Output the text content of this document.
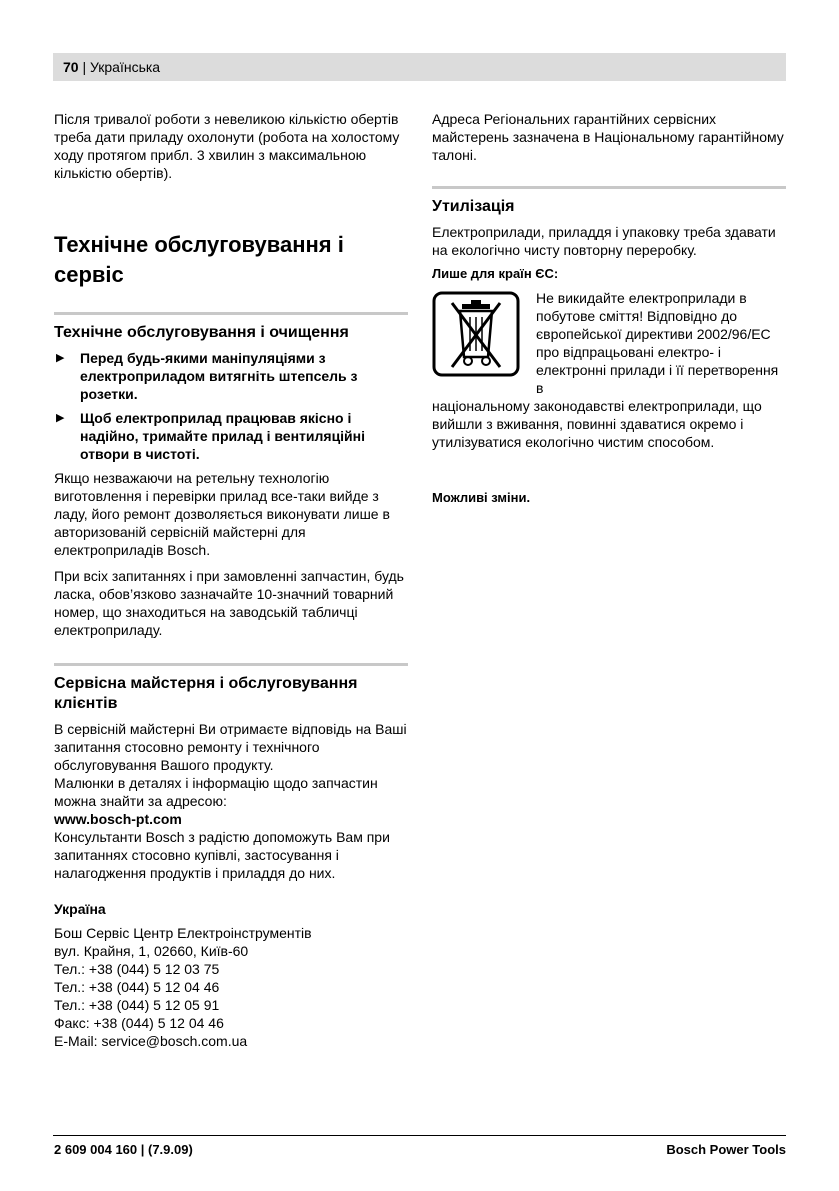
70 | Українська

Після тривалої роботи з невеликою кількістю обертів треба дати приладу охолонути (робота на холостому ходу протягом прибл. 3 хвилин з максимальною кількістю обертів).

Технічне обслуговування і сервіс
Технічне обслуговування і очищення
▶ Перед будь-якими маніпуляціями з електроприладом витягніть штепсель з розетки.
▶ Щоб електроприлад працював якісно і надійно, тримайте прилад і вентиляційні отвори в чистоті.

Якщо незважаючи на ретельну технологію виготовлення і перевірки прилад все-таки вийде з ладу, його ремонт дозволяється виконувати лише в авторизованій сервісній майстерні для електроприладів Bosch.

При всіх запитаннях і при замовленні запчастин, будь ласка, обов’язково зазначайте 10-значний товарний номер, що знаходиться на заводській табличці електроприладу.

Сервісна майстерня і обслуговування клієнтів

В сервісній майстерні Ви отримаєте відповідь на Ваші запитання стосовно ремонту і технічного обслуговування Вашого продукту.

Малюнки в деталях і інформацію щодо запчастин можна знайти за адресою:

www.bosch-pt.com

Консультанти Bosch з радістю допоможуть Вам при запитаннях стосовно купівлі, застосування і налагодження продуктів і приладдя до них.

Україна

Бош Сервіс Центр Електроінструментів

вул. Крайня, 1, 02660, Київ-60

Тел.: +38 (044) 5 12 03 75

Тел.: +38 (044) 5 12 04 46

Тел.: +38 (044) 5 12 05 91

Факс: +38 (044) 5 12 04 46

E-Mail: service@bosch.com.ua

Адреса Регіональних гарантійних сервісних майстерень зазначена в Національному гарантійному талоні.

Утилізація

Електроприлади, приладдя і упаковку треба здавати на екологічно чисту повторну переробку.

Лише для країн ЄС:

Не викидайте електроприлади в побутове сміття! Відповідно до європейської директиви 2002/96/ЕС про відпрацьовані електро- і електронні прилади і її перетворення в

національному законодавстві електроприлади, що вийшли з вживання, повинні здаватися окремо і утилізуватися екологічно чистим способом.

Можливі зміни.

2 609 004 160 | (7.9.09)	Bosch Power Tools
